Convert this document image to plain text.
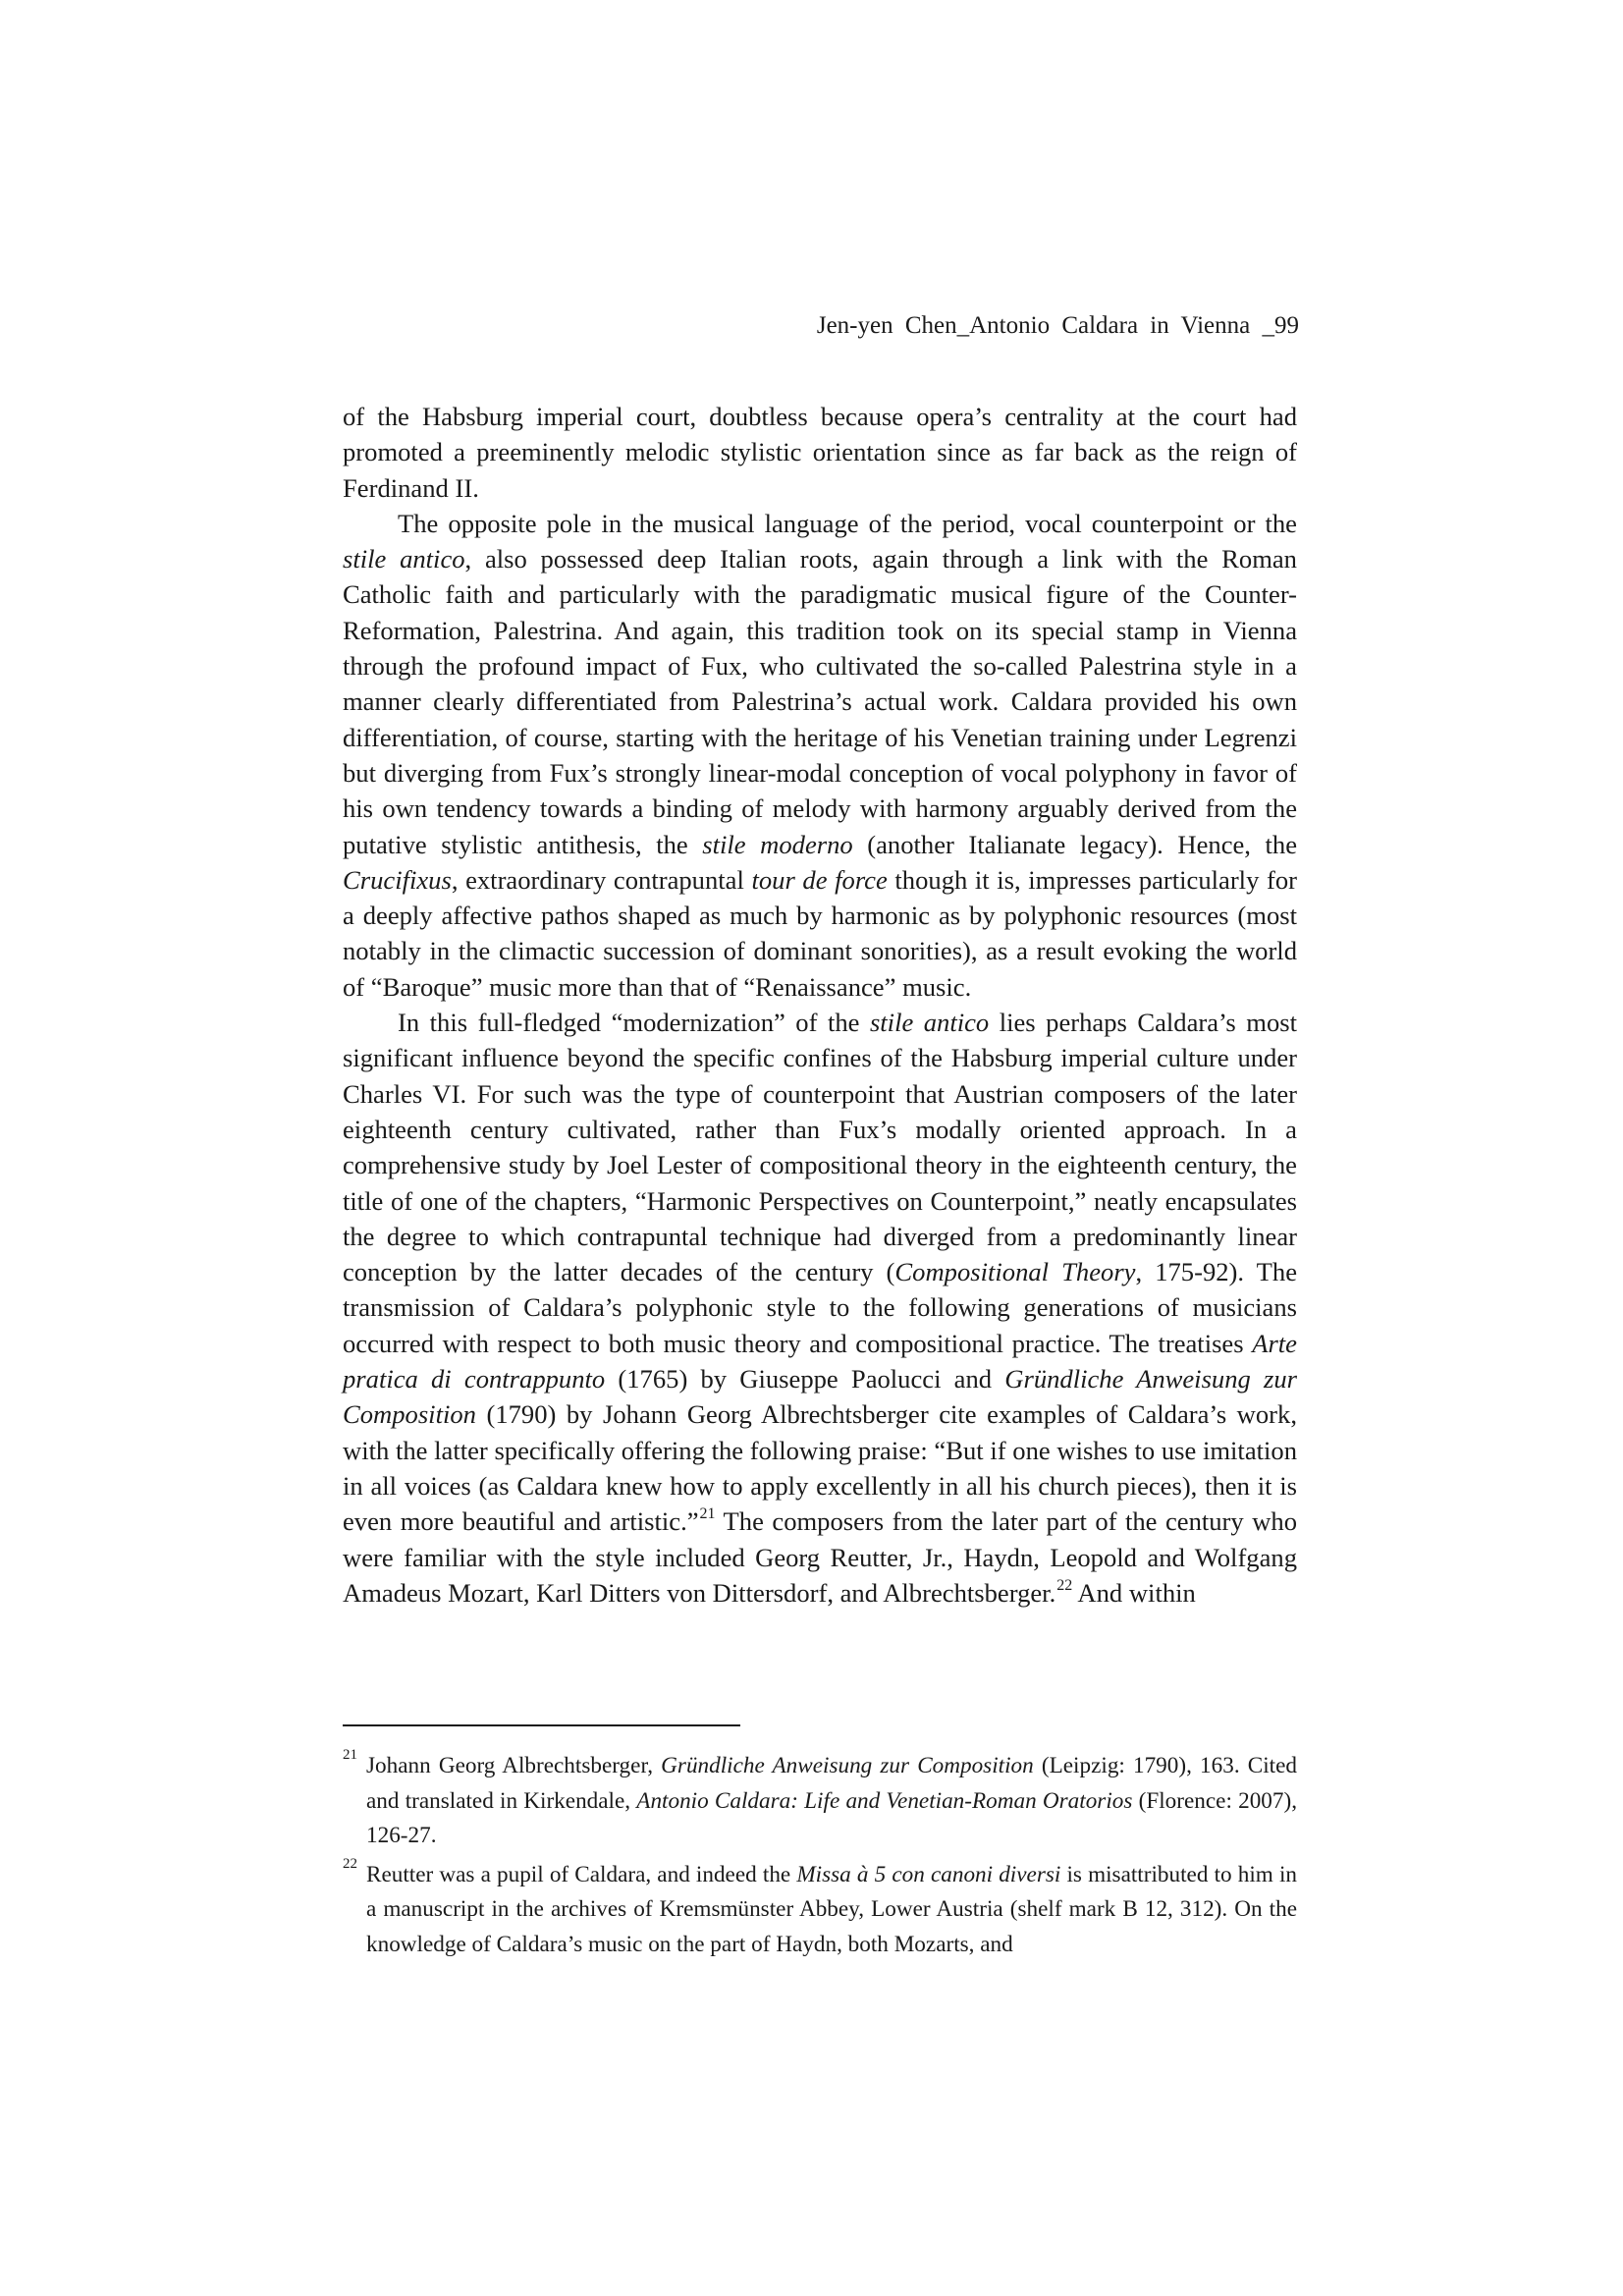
Jen-yen Chen_Antonio Caldara in Vienna _99

of the Habsburg imperial court, doubtless because opera’s centrality at the court had promoted a preeminently melodic stylistic orientation since as far back as the reign of Ferdinand II.

The opposite pole in the musical language of the period, vocal counterpoint or the stile antico, also possessed deep Italian roots, again through a link with the Roman Catholic faith and particularly with the paradigmatic musical figure of the Counter-Reformation, Palestrina. And again, this tradition took on its special stamp in Vienna through the profound impact of Fux, who cultivated the so-called Palestrina style in a manner clearly differentiated from Palestrina’s actual work. Caldara provided his own differentiation, of course, starting with the heritage of his Venetian training under Legrenzi but diverging from Fux’s strongly linear-modal conception of vocal polyphony in favor of his own tendency towards a binding of melody with harmony arguably derived from the putative stylistic antithesis, the stile moderno (another Italianate legacy). Hence, the Crucifixus, extraordinary contrapuntal tour de force though it is, impresses particularly for a deeply affective pathos shaped as much by harmonic as by polyphonic resources (most notably in the climactic succession of dominant sonorities), as a result evoking the world of “Baroque” music more than that of “Renaissance” music.

In this full-fledged “modernization” of the stile antico lies perhaps Caldara’s most significant influence beyond the specific confines of the Habsburg imperial culture under Charles VI. For such was the type of counterpoint that Austrian composers of the later eighteenth century cultivated, rather than Fux’s modally oriented approach. In a comprehensive study by Joel Lester of compositional theory in the eighteenth century, the title of one of the chapters, “Harmonic Perspectives on Counterpoint,” neatly encapsulates the degree to which contrapuntal technique had diverged from a predominantly linear conception by the latter decades of the century (Compositional Theory, 175-92). The transmission of Caldara’s polyphonic style to the following generations of musicians occurred with respect to both music theory and compositional practice. The treatises Arte pratica di contrappunto (1765) by Giuseppe Paolucci and Gründliche Anweisung zur Composition (1790) by Johann Georg Albrechtsberger cite examples of Caldara’s work, with the latter specifically offering the following praise: “But if one wishes to use imitation in all voices (as Caldara knew how to apply excellently in all his church pieces), then it is even more beautiful and artistic.”$^{21}$ The composers from the later part of the century who were familiar with the style included Georg Reutter, Jr., Haydn, Leopold and Wolfgang Amadeus Mozart, Karl Ditters von Dittersdorf, and Albrechtsberger.$^{22}$ And within

21 Johann Georg Albrechtsberger, Gründliche Anweisung zur Composition (Leipzig: 1790), 163. Cited and translated in Kirkendale, Antonio Caldara: Life and Venetian-Roman Oratorios (Florence: 2007), 126-27.
22 Reutter was a pupil of Caldara, and indeed the Missa à 5 con canoni diversi is misattributed to him in a manuscript in the archives of Kremsmünster Abbey, Lower Austria (shelf mark B 12, 312). On the knowledge of Caldara’s music on the part of Haydn, both Mozarts, and
